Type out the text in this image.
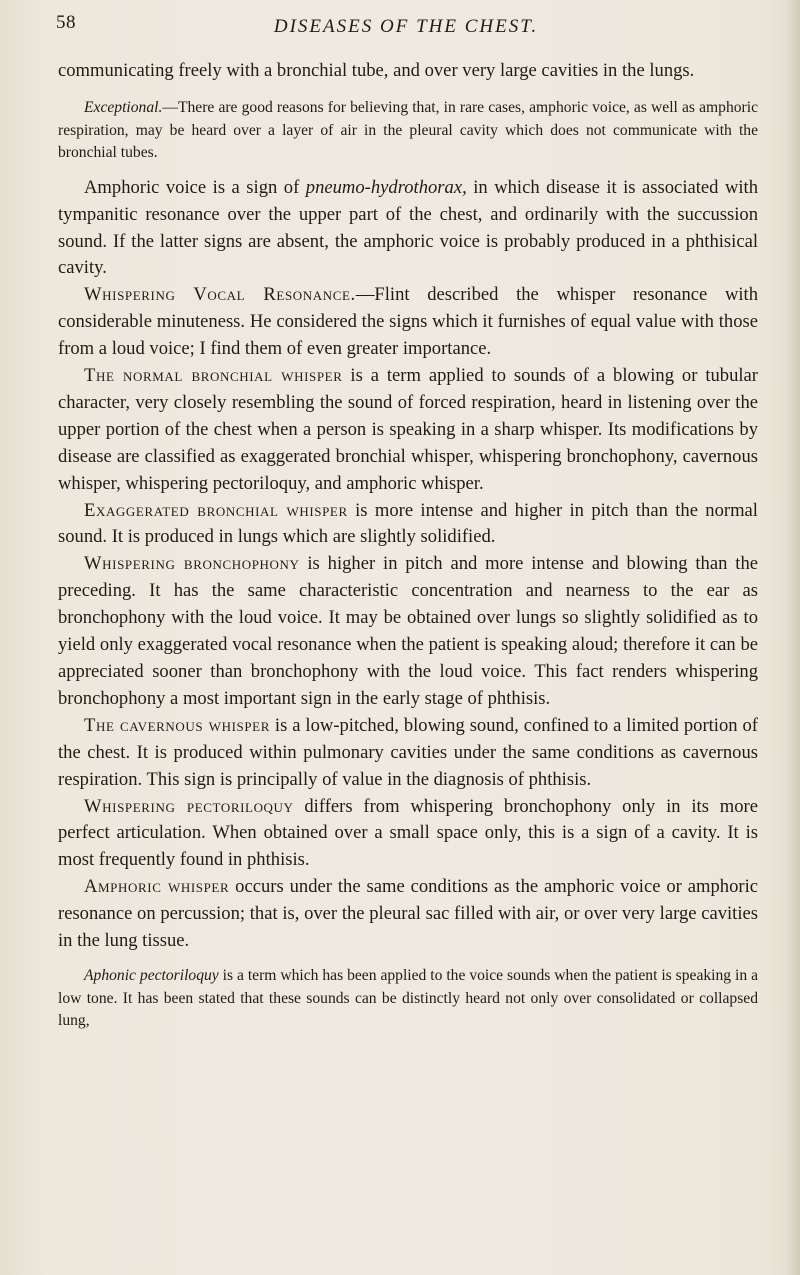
58	DISEASES OF THE CHEST.

communicating freely with a bronchial tube, and over very large cavities in the lungs.

Exceptional.—There are good reasons for believing that, in rare cases, amphoric voice, as well as amphoric respiration, may be heard over a layer of air in the pleural cavity which does not communicate with the bronchial tubes.

Amphoric voice is a sign of pneumo-hydrothorax, in which disease it is associated with tympanitic resonance over the upper part of the chest, and ordinarily with the succussion sound. If the latter signs are absent, the amphoric voice is probably produced in a phthisical cavity.

Whispering Vocal Resonance.—Flint described the whisper resonance with considerable minuteness. He considered the signs which it furnishes of equal value with those from a loud voice; I find them of even greater importance.

The normal bronchial whisper is a term applied to sounds of a blowing or tubular character, very closely resembling the sound of forced respiration, heard in listening over the upper portion of the chest when a person is speaking in a sharp whisper. Its modifications by disease are classified as exaggerated bronchial whisper, whispering bronchophony, cavernous whisper, whispering pectoriloquy, and amphoric whisper.

Exaggerated bronchial whisper is more intense and higher in pitch than the normal sound. It is produced in lungs which are slightly solidified.

Whispering bronchophony is higher in pitch and more intense and blowing than the preceding. It has the same characteristic concentration and nearness to the ear as bronchophony with the loud voice. It may be obtained over lungs so slightly solidified as to yield only exaggerated vocal resonance when the patient is speaking aloud; therefore it can be appreciated sooner than bronchophony with the loud voice. This fact renders whispering bronchophony a most important sign in the early stage of phthisis.

The cavernous whisper is a low-pitched, blowing sound, confined to a limited portion of the chest. It is produced within pulmonary cavities under the same conditions as cavernous respiration. This sign is principally of value in the diagnosis of phthisis.

Whispering pectoriloquy differs from whispering bronchophony only in its more perfect articulation. When obtained over a small space only, this is a sign of a cavity. It is most frequently found in phthisis.

Amphoric whisper occurs under the same conditions as the amphoric voice or amphoric resonance on percussion; that is, over the pleural sac filled with air, or over very large cavities in the lung tissue.

Aphonic pectoriloquy is a term which has been applied to the voice sounds when the patient is speaking in a low tone. It has been stated that these sounds can be distinctly heard not only over consolidated or collapsed lung,
